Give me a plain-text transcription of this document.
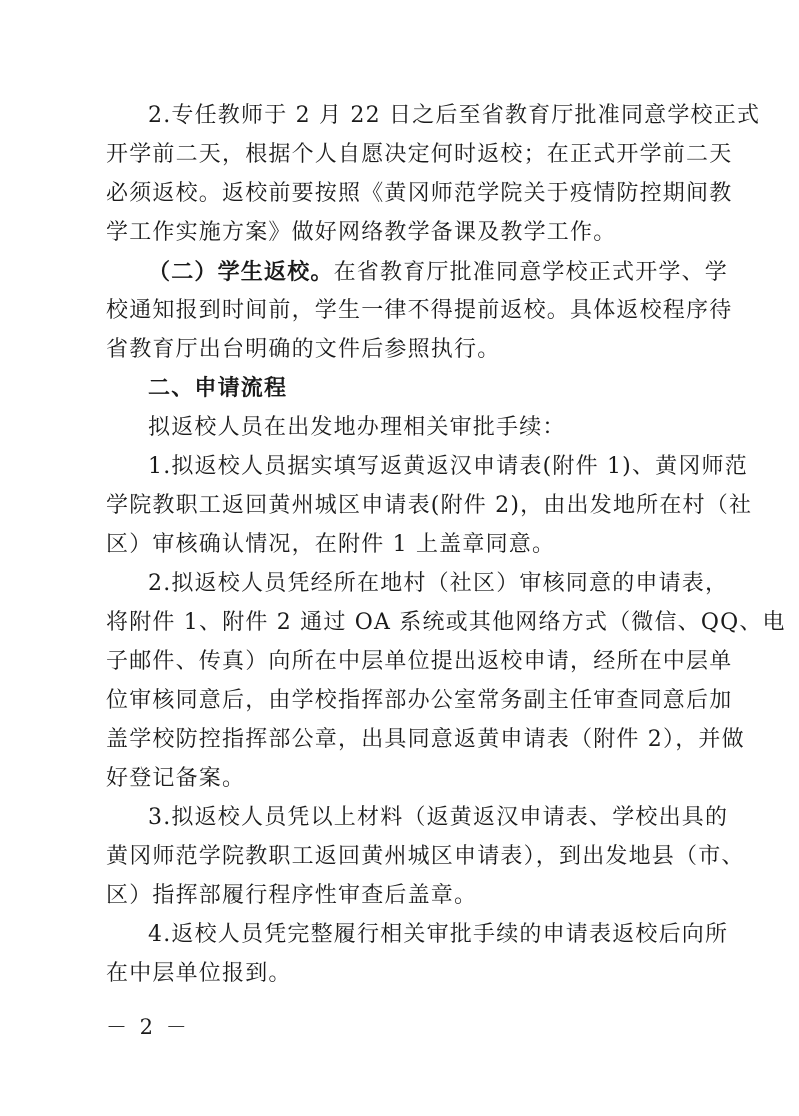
2.专任教师于 2 月 22 日之后至省教育厅批准同意学校正式
开学前二天，根据个人自愿决定何时返校；在正式开学前二天
必须返校。返校前要按照《黄冈师范学院关于疫情防控期间教
学工作实施方案》做好网络教学备课及教学工作。
（二）学生返校。在省教育厅批准同意学校正式开学、学
校通知报到时间前，学生一律不得提前返校。具体返校程序待
省教育厅出台明确的文件后参照执行。
二、申请流程
拟返校人员在出发地办理相关审批手续：
1.拟返校人员据实填写返黄返汉申请表(附件 1)、黄冈师范
学院教职工返回黄州城区申请表(附件 2)，由出发地所在村（社
区）审核确认情况，在附件 1 上盖章同意。
2.拟返校人员凭经所在地村（社区）审核同意的申请表，
将附件 1、附件 2 通过 OA 系统或其他网络方式（微信、QQ、电
子邮件、传真）向所在中层单位提出返校申请，经所在中层单
位审核同意后，由学校指挥部办公室常务副主任审查同意后加
盖学校防控指挥部公章，出具同意返黄申请表（附件 2），并做
好登记备案。
3.拟返校人员凭以上材料（返黄返汉申请表、学校出具的
黄冈师范学院教职工返回黄州城区申请表），到出发地县（市、
区）指挥部履行程序性审查后盖章。
4.返校人员凭完整履行相关审批手续的申请表返校后向所
在中层单位报到。
－ 2 －
